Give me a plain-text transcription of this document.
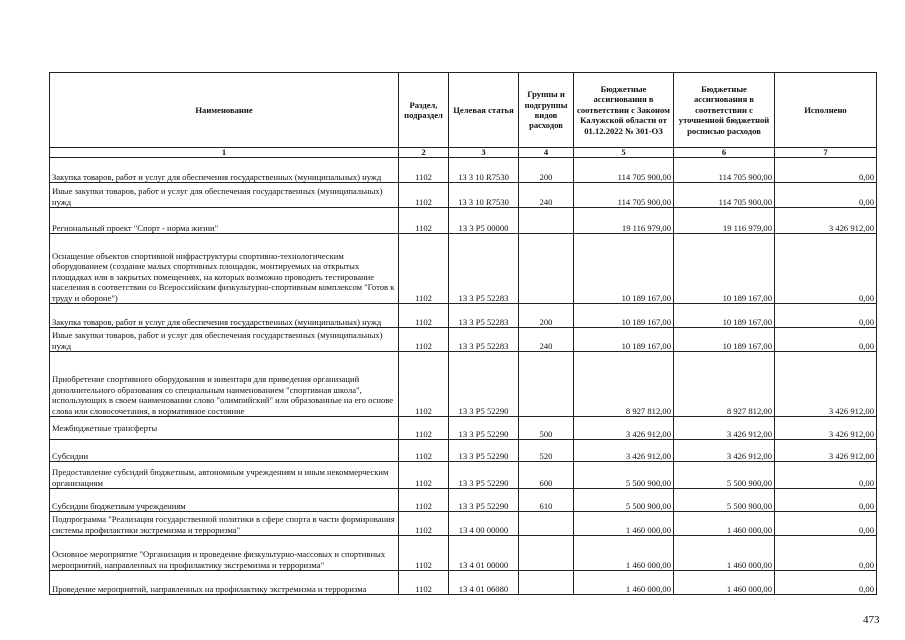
Наименование	Раздел, подраздел	Целевая статья	Группы и подгруппы видов расходов	Бюджетные ассигнования в соответствии с Законом Калужской области от 01.12.2022 № 301-ОЗ	Бюджетные ассигнования в соответствии с уточненной бюджетной росписью расходов	Исполнено
1	2	3	4	5	6	7
Закупка товаров, работ и услуг для обеспечения государственных (муниципальных) нужд	1102	13 3 10 R7530	200	114 705 900,00	114 705 900,00	0,00
Иные закупки товаров, работ и услуг для обеспечения государственных (муниципальных) нужд	1102	13 3 10 R7530	240	114 705 900,00	114 705 900,00	0,00
Региональный проект "Спорт - норма жизни"	1102	13 3 P5 00000		19 116 979,00	19 116 979,00	3 426 912,00
Оснащение объектов спортивной инфраструктуры спортивно-технологическим оборудованием (создание малых спортивных площадок, монтируемых на открытых площадках или в закрытых помещениях, на которых возможно проводить тестирование населения в соответствии со Всероссийским физкультурно-спортивным комплексом "Готов к труду и обороне")	1102	13 3 P5 52283		10 189 167,00	10 189 167,00	0,00
Закупка товаров, работ и услуг для обеспечения государственных (муниципальных) нужд	1102	13 3 P5 52283	200	10 189 167,00	10 189 167,00	0,00
Иные закупки товаров, работ и услуг для обеспечения государственных (муниципальных) нужд	1102	13 3 P5 52283	240	10 189 167,00	10 189 167,00	0,00
Приобретение спортивного оборудования и инвентаря для приведения организаций дополнительного образования со специальным наименованием "спортивная школа", использующих в своем наименовании слово "олимпийский" или образованные на его основе слова или словосочетания, в нормативное состояние	1102	13 3 P5 52290		8 927 812,00	8 927 812,00	3 426 912,00
Межбюджетные трансферты	1102	13 3 P5 52290	500	3 426 912,00	3 426 912,00	3 426 912,00
Субсидии	1102	13 3 P5 52290	520	3 426 912,00	3 426 912,00	3 426 912,00
Предоставление субсидий бюджетным, автономным учреждениям и иным некоммерческим организациям	1102	13 3 P5 52290	600	5 500 900,00	5 500 900,00	0,00
Субсидии бюджетным учреждениям	1102	13 3 P5 52290	610	5 500 900,00	5 500 900,00	0,00
Подпрограмма "Реализация государственной политики в сфере спорта в части формирования системы профилактики экстремизма и терроризма"	1102	13 4 00 00000		1 460 000,00	1 460 000,00	0,00
Основное мероприятие "Организация и проведение физкультурно-массовых и спортивных мероприятий, направленных на профилактику экстремизма и терроризма"	1102	13 4 01 00000		1 460 000,00	1 460 000,00	0,00
Проведение мероприятий, направленных на профилактику экстремизма и терроризма	1102	13 4 01 06080		1 460 000,00	1 460 000,00	0,00
473
